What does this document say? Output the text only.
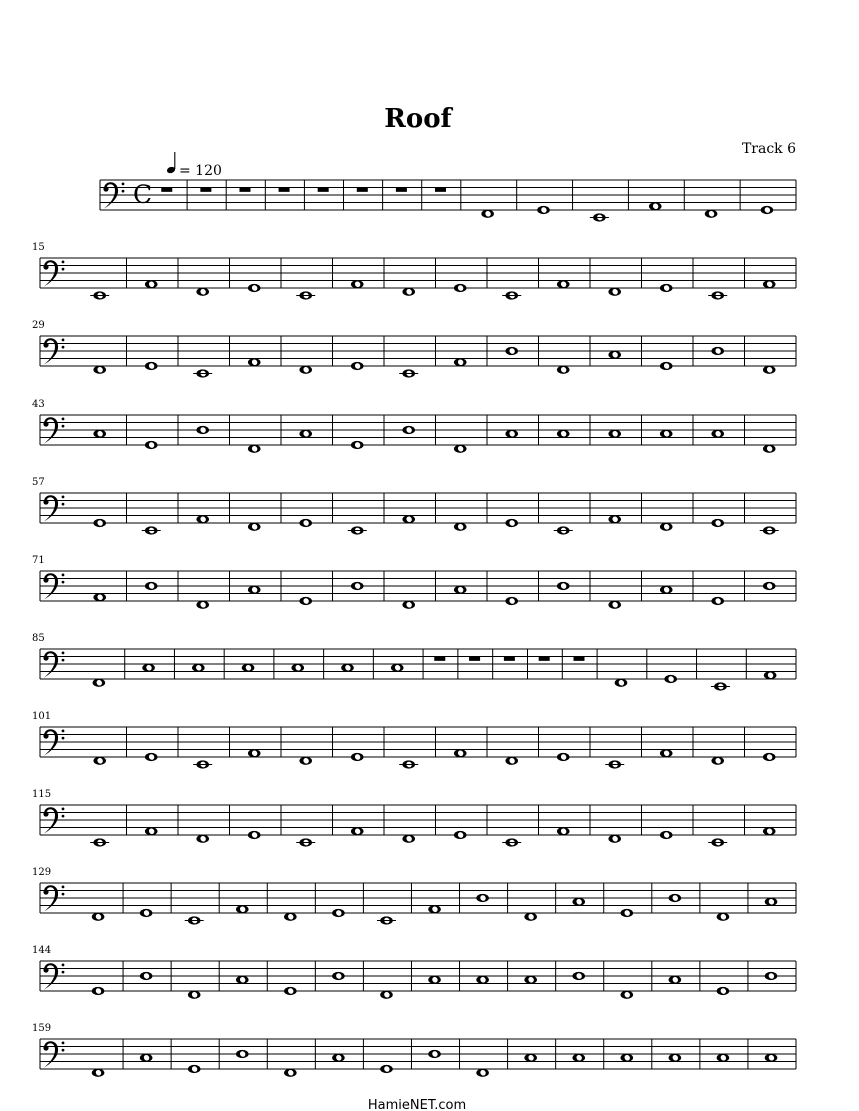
Roof
Track 6
= 120
C
15
29
43
57
71
85
101
115
129
144
159
HamieNET.com
